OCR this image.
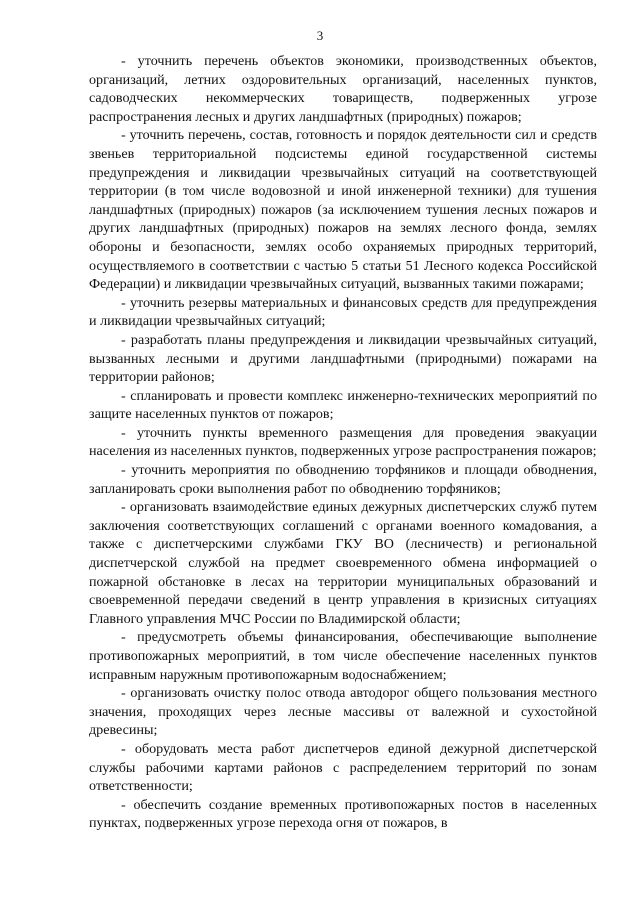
3

- уточнить перечень объектов экономики, производственных объектов, организаций, летних оздоровительных организаций, населенных пунктов, садоводческих некоммерческих товариществ, подверженных угрозе распространения лесных и других ландшафтных (природных) пожаров;

- уточнить перечень, состав, готовность и порядок деятельности сил и средств звеньев территориальной подсистемы единой государственной системы предупреждения и ликвидации чрезвычайных ситуаций на соответствующей территории (в том числе водовозной и иной инженерной техники) для тушения ландшафтных (природных) пожаров (за исключением тушения лесных пожаров и других ландшафтных (природных) пожаров на землях лесного фонда, землях обороны и безопасности, землях особо охраняемых природных территорий, осуществляемого в соответствии с частью 5 статьи 51 Лесного кодекса Российской Федерации) и ликвидации чрезвычайных ситуаций, вызванных такими пожарами;

- уточнить резервы материальных и финансовых средств для предупреждения и ликвидации чрезвычайных ситуаций;

- разработать планы предупреждения и ликвидации чрезвычайных ситуаций, вызванных лесными и другими ландшафтными (природными) пожарами на территории районов;

- спланировать и провести комплекс инженерно-технических мероприятий по защите населенных пунктов от пожаров;

- уточнить пункты временного размещения для проведения эвакуации населения из населенных пунктов, подверженных угрозе распространения пожаров;

- уточнить мероприятия по обводнению торфяников и площади обводнения, запланировать сроки выполнения работ по обводнению торфяников;

- организовать взаимодействие единых дежурных диспетчерских служб путем заключения соответствующих соглашений с органами военного комадования, а также с диспетчерскими службами ГКУ ВО (лесничеств) и региональной диспетчерской службой на предмет своевременного обмена информацией о пожарной обстановке в лесах на территории муниципальных образований и своевременной передачи сведений в центр управления в кризисных ситуациях Главного управления МЧС России по Владимирской области;

- предусмотреть объемы финансирования, обеспечивающие выполнение противопожарных мероприятий, в том числе обеспечение населенных пунктов исправным наружным противопожарным водоснабжением;

- организовать очистку полос отвода автодорог общего пользования местного значения, проходящих через лесные массивы от валежной и сухостойной древесины;

- оборудовать места работ диспетчеров единой дежурной диспетчерской службы рабочими картами районов с распределением территорий по зонам ответственности;

- обеспечить создание временных противопожарных постов в населенных пунктах, подверженных угрозе перехода огня от пожаров, в
